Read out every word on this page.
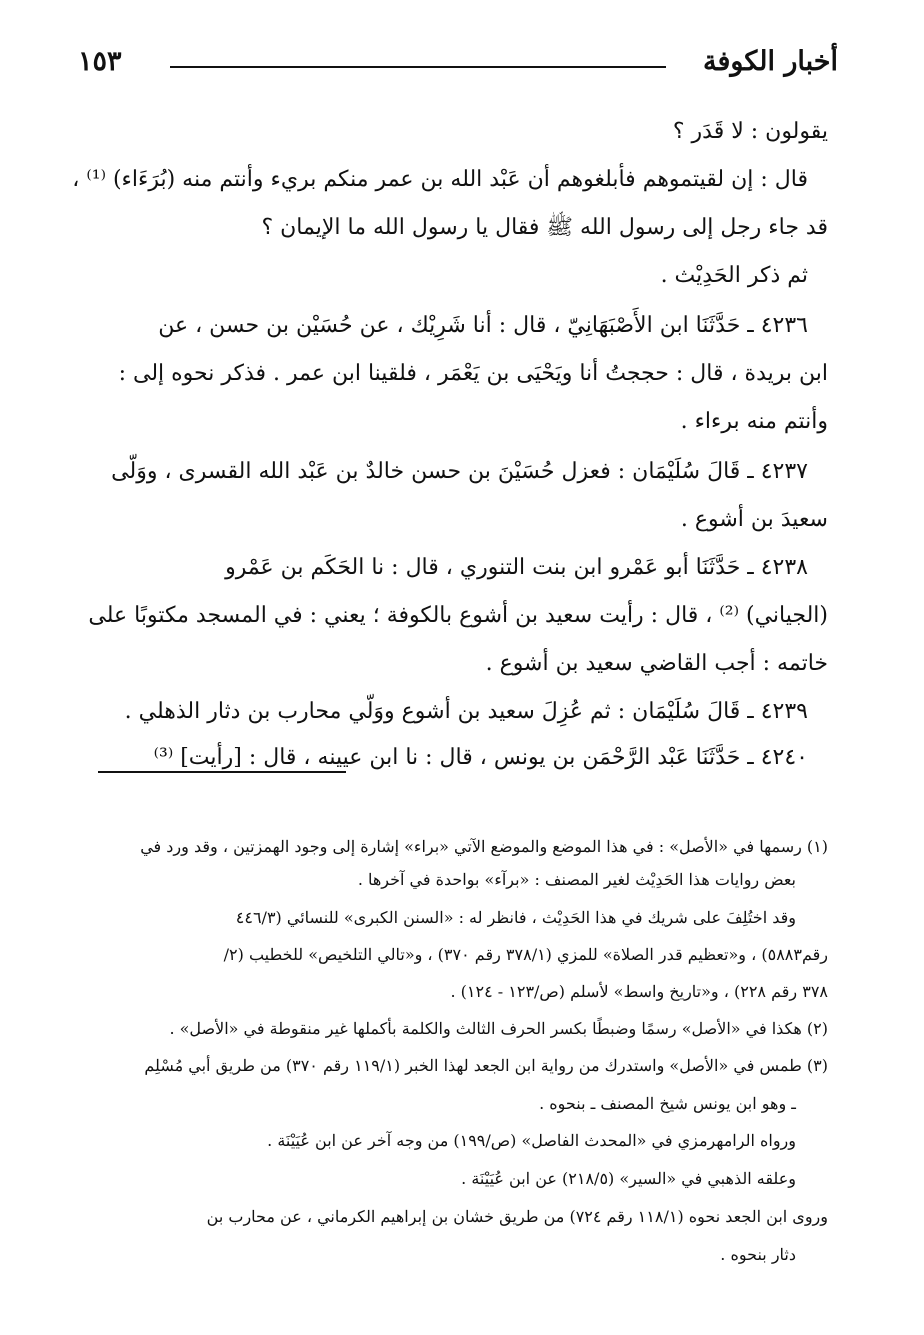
أخبار الكوفة
١٥٣
يقولون : لا قَدَر ؟
قال : إن لقيتموهم فأبلغوهم أن عَبْد الله بن عمر منكم بريء وأنتم منه (بُرَءَاء) ⁽¹⁾ ،
قد جاء رجل إلى رسول الله ﷺ فقال يا رسول الله ما الإيمان ؟
ثم ذكر الحَدِيْث .
٤٢٣٦ ـ حَدَّثَنَا ابن الأَصْبَهَانِيّ ، قال : أنا شَرِيْك ، عن حُسَيْن بن حسن ، عن
ابن بريدة ، قال : حججتُ أنا ويَحْيَى بن يَعْمَر ، فلقينا ابن عمر . فذكر نحوه إلى :
وأنتم منه برءاء .
٤٢٣٧ ـ قَالَ سُلَيْمَان : فعزل حُسَيْنَ بن حسن خالدٌ بن عَبْد الله القسرى ، ووَلّى
سعيدَ بن أشوع .
٤٢٣٨ ـ حَدَّثَنَا أبو عَمْرو ابن بنت التنوري ، قال : نا الحَكَم بن عَمْرو
(الجياني) ⁽²⁾ ، قال : رأيت سعيد بن أشوع بالكوفة ؛ يعني : في المسجد مكتوبًا على
خاتمه : أجب القاضي سعيد بن أشوع .
٤٢٣٩ ـ قَالَ سُلَيْمَان : ثم عُزِلَ سعيد بن أشوع ووَلّي محارب بن دثار الذهلي .
٤٢٤٠ ـ حَدَّثَنَا عَبْد الرَّحْمَن بن يونس ، قال : نا ابن عيينه ، قال : [رأيت] ⁽³⁾
(١) رسمها في «الأصل» : في هذا الموضع والموضع الآتي «براء» إشارة إلى وجود الهمزتين ، وقد ورد في
بعض روايات هذا الحَدِيْث لغير المصنف : «برآء» بواحدة في آخرها .
وقد اختُلِفَ على شريك في هذا الحَدِيْث ، فانظر له : «السنن الكبرى» للنسائي (٤٤٦/٣
رقم٥٨٨٣) ، و«تعظيم قدر الصلاة» للمزي (٣٧٨/١ رقم ٣٧٠) ، و«تالي التلخيص» للخطيب (٢/
٣٧٨ رقم ٢٢٨) ، و«تاريخ واسط» لأسلم (ص/١٢٣ - ١٢٤) .
(٢) هكذا في «الأصل» رسمًا وضبطًا بكسر الحرف الثالث والكلمة بأكملها غير منقوطة في «الأصل» .
(٣) طمس في «الأصل» واستدرك من رواية ابن الجعد لهذا الخبر (١١٩/١ رقم ٣٧٠) من طريق أبي مُسْلِم
ـ وهو ابن يونس شيخ المصنف ـ بنحوه .
ورواه الرامهرمزي في «المحدث الفاصل» (ص/١٩٩) من وجه آخر عن ابن عُيَيْنَة .
وعلقه الذهبي في «السير» (٢١٨/٥) عن ابن عُيَيْنَة .
وروى ابن الجعد نحوه (١١٨/١ رقم ٧٢٤) من طريق خشان بن إبراهيم الكرماني ، عن محارب بن
دثار بنحوه .
